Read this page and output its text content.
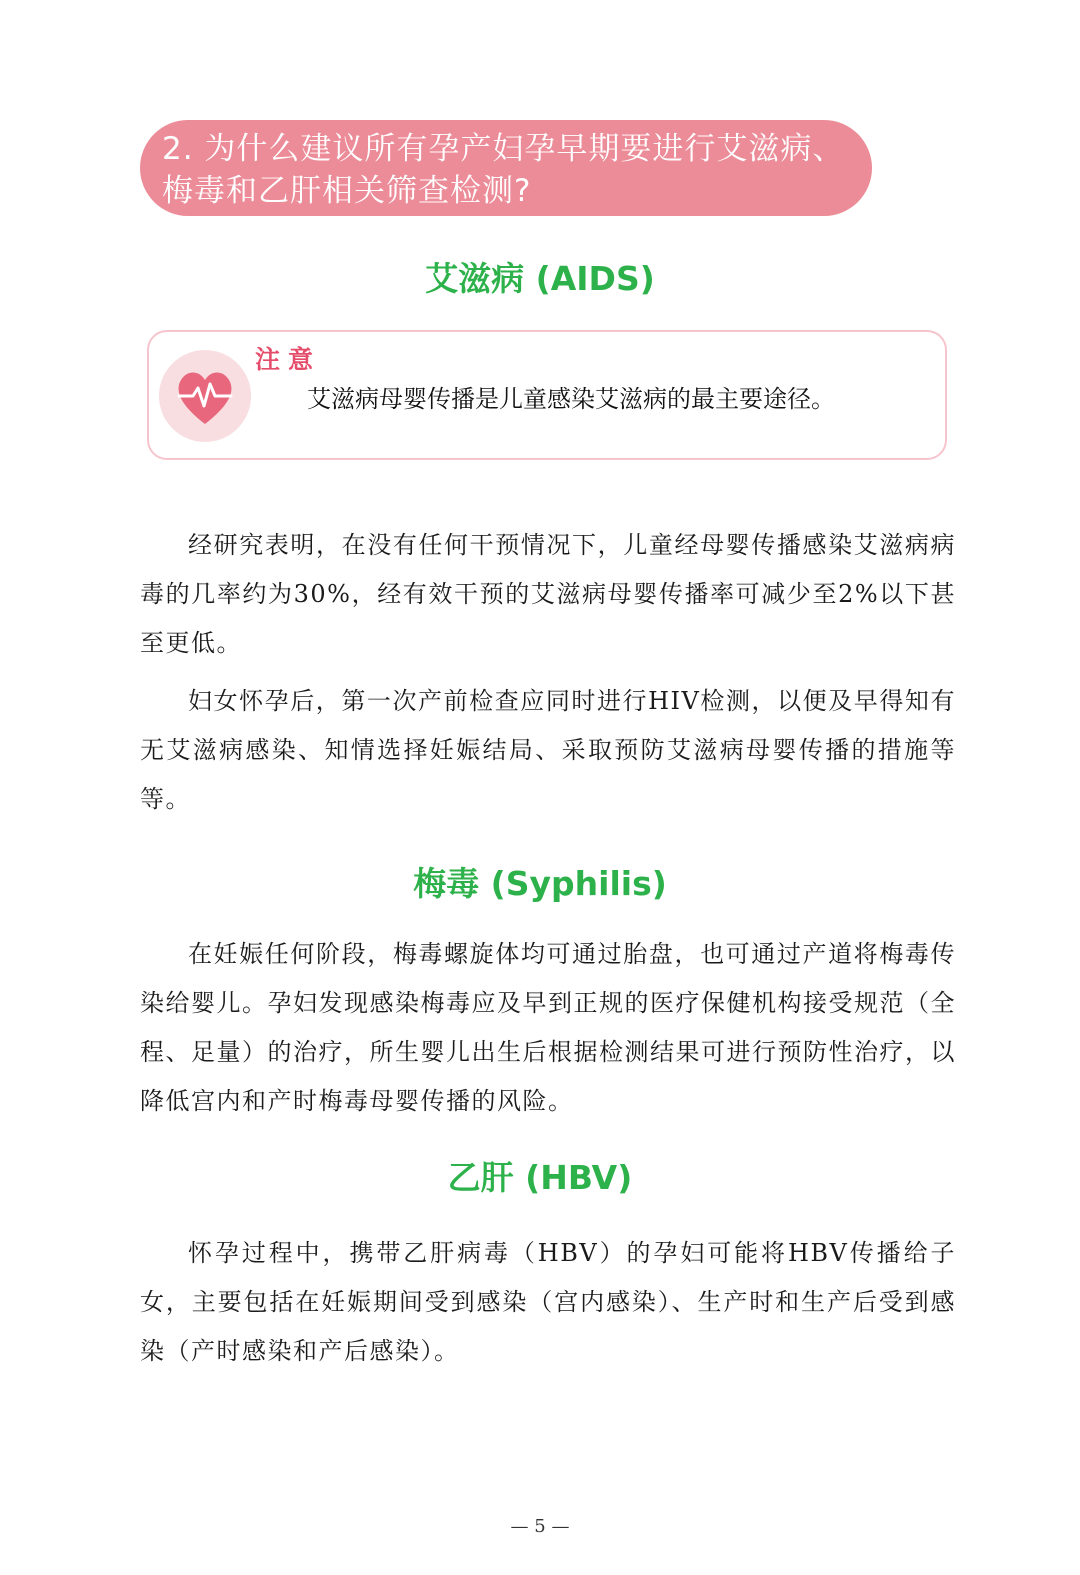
2. 为什么建议所有孕产妇孕早期要进行艾滋病、梅毒和乙肝相关筛查检测?
艾滋病 (AIDS)
注意
艾滋病母婴传播是儿童感染艾滋病的最主要途径。

经研究表明，在没有任何干预情况下，儿童经母婴传播感染艾滋病病毒的几率约为30%，经有效干预的艾滋病母婴传播率可减少至2%以下甚至更低。

妇女怀孕后，第一次产前检查应同时进行HIV检测，以便及早得知有无艾滋病感染、知情选择妊娠结局、采取预防艾滋病母婴传播的措施等等。

梅毒 (Syphilis)

在妊娠任何阶段，梅毒螺旋体均可通过胎盘，也可通过产道将梅毒传染给婴儿。孕妇发现感染梅毒应及早到正规的医疗保健机构接受规范（全程、足量）的治疗，所生婴儿出生后根据检测结果可进行预防性治疗，以降低宫内和产时梅毒母婴传播的风险。

乙肝 (HBV)

怀孕过程中，携带乙肝病毒（HBV）的孕妇可能将HBV传播给子女，主要包括在妊娠期间受到感染（宫内感染）、生产时和生产后受到感染（产时感染和产后感染）。

— 5 —
